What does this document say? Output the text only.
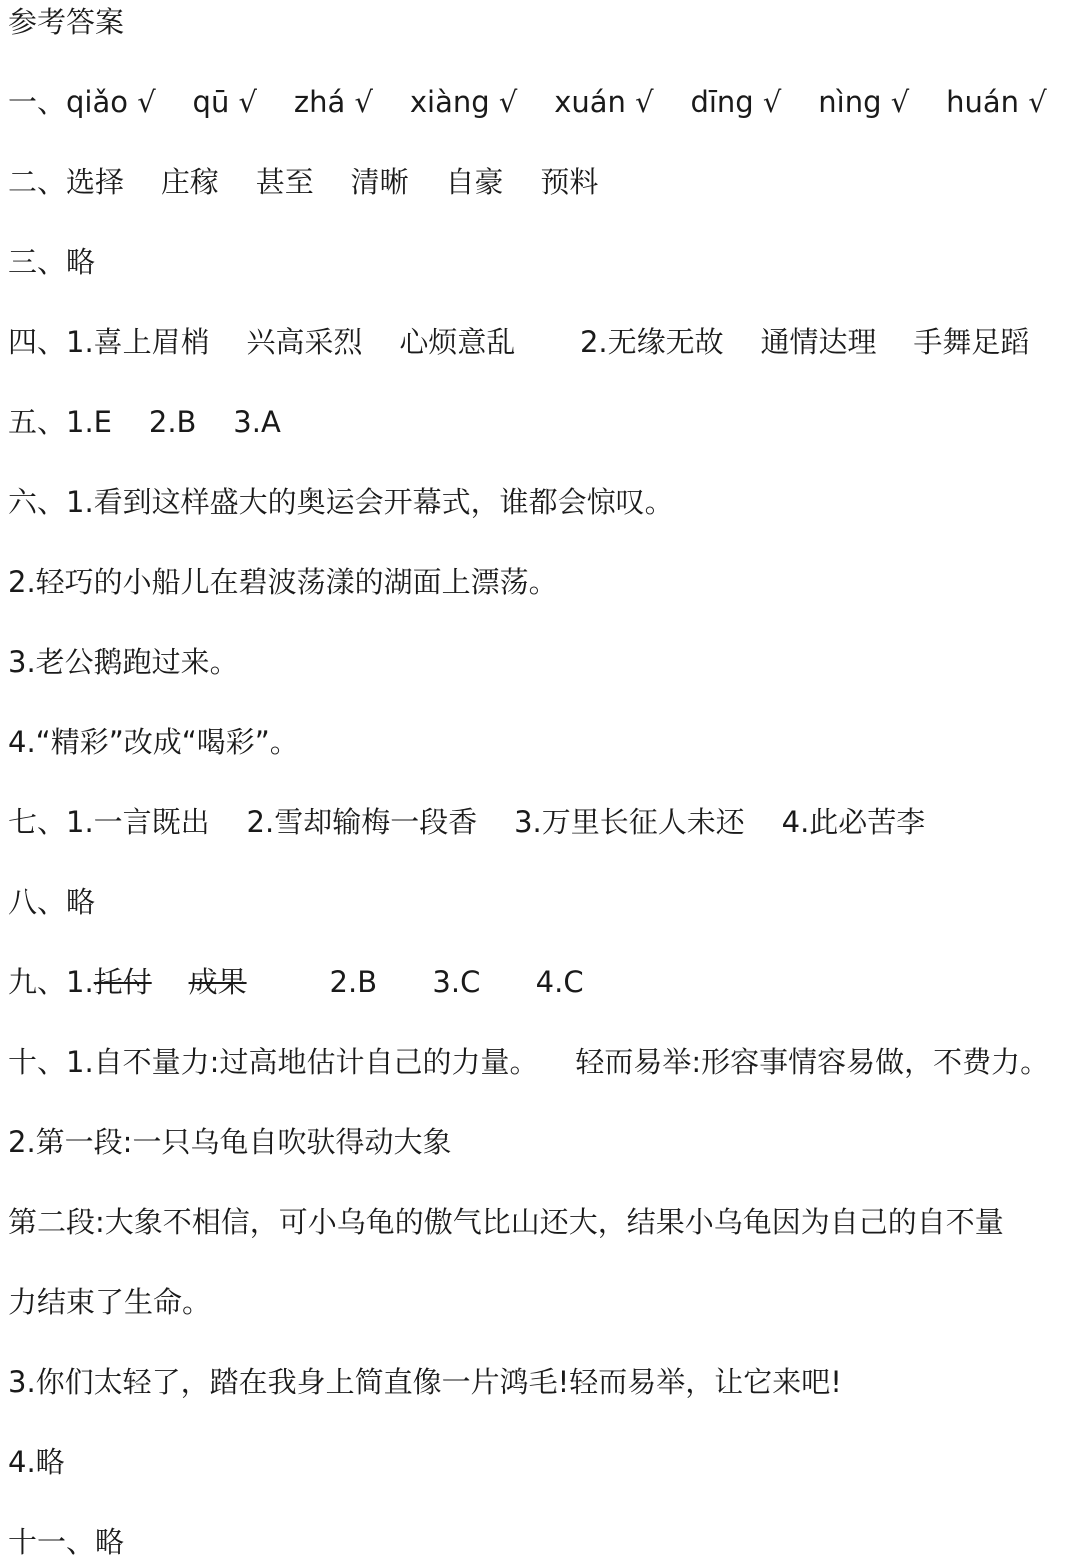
参考答案
一、qiǎo √    qū √    zhá √    xiàng √    xuán √    dīng √    nìng √    huán √
二、选择    庄稼    甚至    清晰    自豪    预料
三、略
四、1.喜上眉梢    兴高采烈    心烦意乱       2.无缘无故    通情达理    手舞足蹈
五、1.E    2.B    3.A
六、1.看到这样盛大的奥运会开幕式，谁都会惊叹。
2.轻巧的小船儿在碧波荡漾的湖面上漂荡。
3.老公鹅跑过来。
4.“精彩”改成“喝彩”。
七、1.一言既出    2.雪却输梅一段香    3.万里长征人未还    4.此必苦李
八、略
九、1.托付 成果         2.B      3.C      4.C
十、1.自不量力:过高地估计自己的力量。    轻而易举:形容事情容易做，不费力。
2.第一段:一只乌龟自吹驮得动大象
第二段:大象不相信，可小乌龟的傲气比山还大，结果小乌龟因为自己的自不量
力结束了生命。
3.你们太轻了，踏在我身上简直像一片鸿毛!轻而易举，让它来吧!
4.略
十一、略
